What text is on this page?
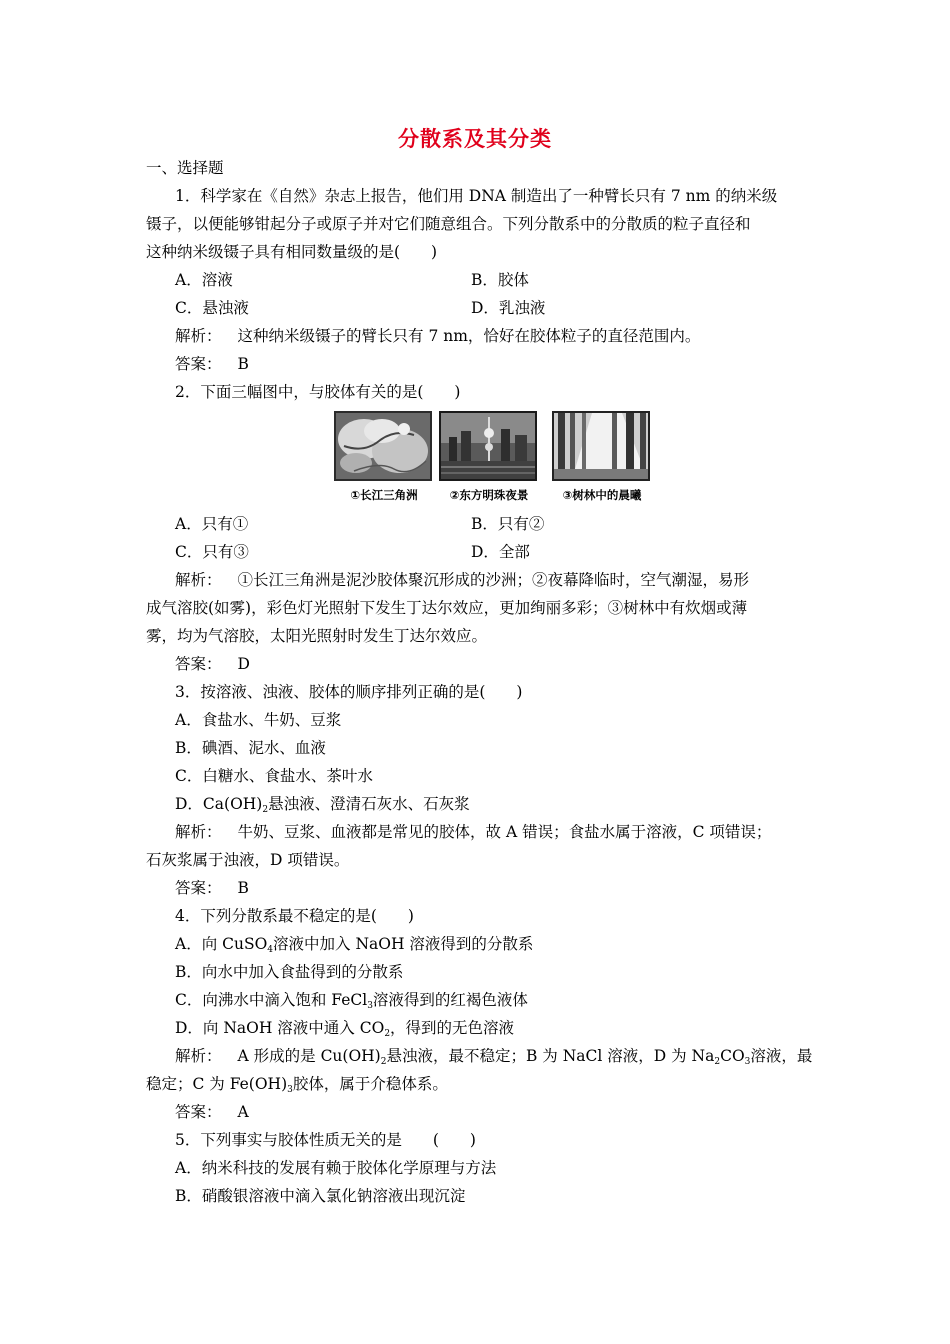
分散系及其分类
一、选择题
1．科学家在《自然》杂志上报告，他们用 DNA 制造出了一种臂长只有 7 nm 的纳米级
镊子，以便能够钳起分子或原子并对它们随意组合。下列分散系中的分散质的粒子直径和
这种纳米级镊子具有相同数量级的是(　　)
A．溶液	B．胶体
C．悬浊液	D．乳浊液
解析： 这种纳米级镊子的臂长只有 7 nm，恰好在胶体粒子的直径范围内。
答案： B
2．下面三幅图中，与胶体有关的是(　　)
①长江三角洲	②东方明珠夜景	③树林中的晨曦
A．只有①	B．只有②
C．只有③	D．全部
解析： ①长江三角洲是泥沙胶体聚沉形成的沙洲；②夜幕降临时，空气潮湿，易形
成气溶胶(如雾)，彩色灯光照射下发生丁达尔效应，更加绚丽多彩；③树林中有炊烟或薄
雾，均为气溶胶，太阳光照射时发生丁达尔效应。
答案： D
3．按溶液、浊液、胶体的顺序排列正确的是(　　)
A．食盐水、牛奶、豆浆
B．碘酒、泥水、血液
C．白糖水、食盐水、茶叶水
D．$Ca(OH)_2$悬浊液、澄清石灰水、石灰浆
解析： 牛奶、豆浆、血液都是常见的胶体，故 A 错误；食盐水属于溶液，C 项错误；
石灰浆属于浊液，D 项错误。
答案： B
4．下列分散系最不稳定的是(　　)
A．向 CuSO$_4$溶液中加入 NaOH 溶液得到的分散系
B．向水中加入食盐得到的分散系
C．向沸水中滴入饱和 FeCl$_3$溶液得到的红褐色液体
D．向 NaOH 溶液中通入 $CO_2$，得到的无色溶液
解析： A 形成的是 $Cu(OH)_2$悬浊液，最不稳定；B 为 NaCl 溶液，D 为 $Na_2CO_3$溶液，最
稳定；C 为 $Fe(OH)_3$胶体，属于介稳体系。
答案： A
5．下列事实与胶体性质无关的是　　(　　)
A．纳米科技的发展有赖于胶体化学原理与方法
B．硝酸银溶液中滴入氯化钠溶液出现沉淀
